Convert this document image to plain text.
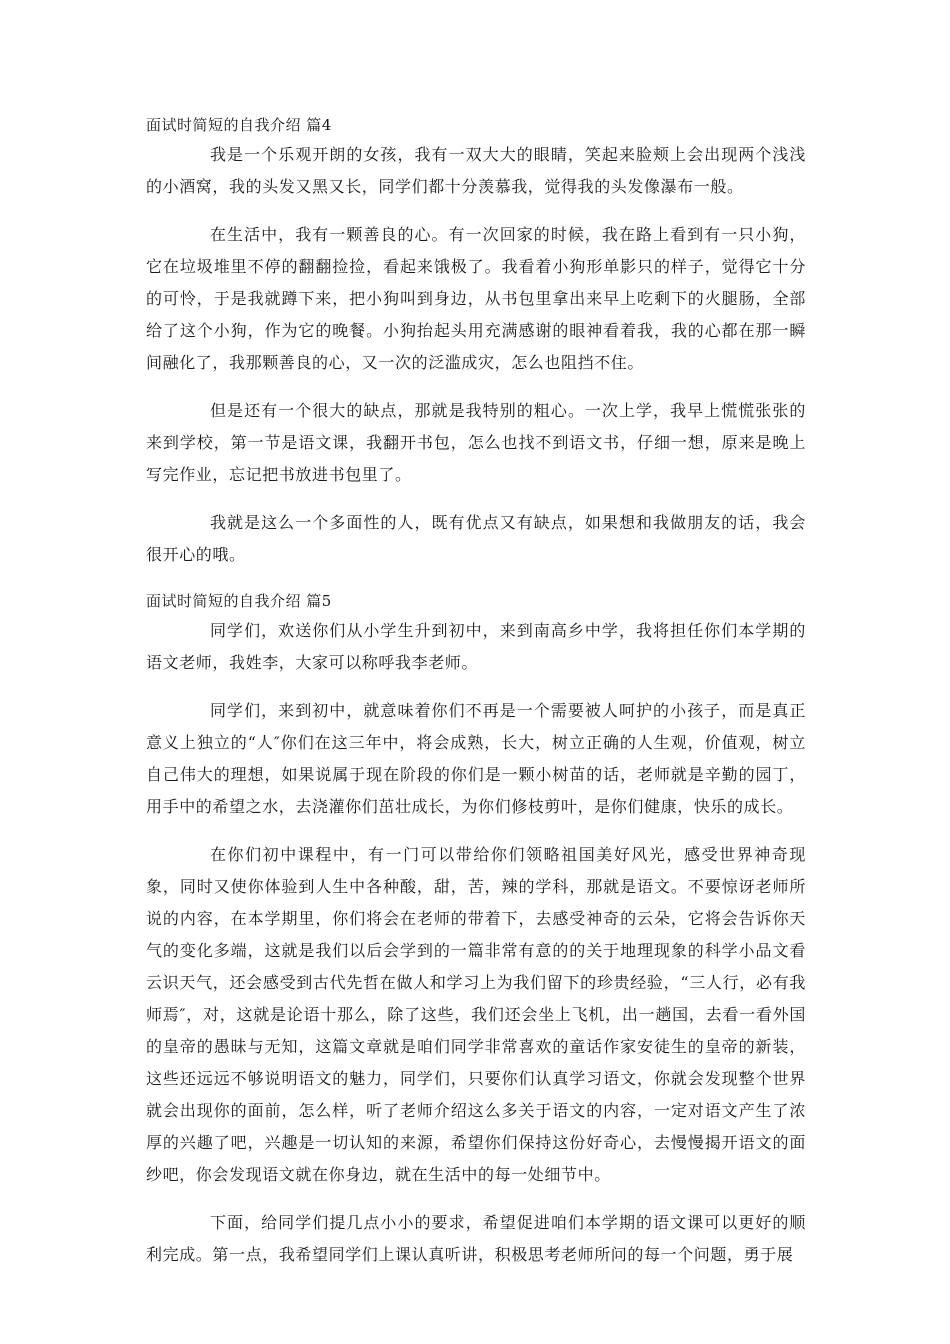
面试时简短的自我介绍 篇4

我是一个乐观开朗的女孩，我有一双大大的眼睛，笑起来脸颊上会出现两个浅浅的小酒窝，我的头发又黑又长，同学们都十分羡慕我，觉得我的头发像瀑布一般。

在生活中，我有一颗善良的心。有一次回家的时候，我在路上看到有一只小狗，它在垃圾堆里不停的翻翻捡捡，看起来饿极了。我看着小狗形单影只的样子，觉得它十分的可怜，于是我就蹲下来，把小狗叫到身边，从书包里拿出来早上吃剩下的火腿肠，全部给了这个小狗，作为它的晚餐。小狗抬起头用充满感谢的眼神看着我，我的心都在那一瞬间融化了，我那颗善良的心，又一次的泛滥成灾，怎么也阻挡不住。

但是还有一个很大的缺点，那就是我特别的粗心。一次上学，我早上慌慌张张的来到学校，第一节是语文课，我翻开书包，怎么也找不到语文书，仔细一想，原来是晚上写完作业，忘记把书放进书包里了。

我就是这么一个多面性的人，既有优点又有缺点，如果想和我做朋友的话，我会很开心的哦。

面试时简短的自我介绍 篇5

同学们，欢送你们从小学生升到初中，来到南高乡中学，我将担任你们本学期的语文老师，我姓李，大家可以称呼我李老师。

同学们，来到初中，就意味着你们不再是一个需要被人呵护的小孩子，而是真正意义上独立的“人″你们在这三年中，将会成熟，长大，树立正确的人生观，价值观，树立自己伟大的理想，如果说属于现在阶段的你们是一颗小树苗的话，老师就是辛勤的园丁，用手中的希望之水，去浇灌你们茁壮成长，为你们修枝剪叶，是你们健康，快乐的成长。

在你们初中课程中，有一门可以带给你们领略祖国美好风光，感受世界神奇现象，同时又使你体验到人生中各种酸，甜，苦，辣的学科，那就是语文。不要惊讶老师所说的内容，在本学期里，你们将会在老师的带着下，去感受神奇的云朵，它将会告诉你天气的变化多端，这就是我们以后会学到的一篇非常有意的的关于地理现象的科学小品文看云识天气，还会感受到古代先哲在做人和学习上为我们留下的珍贵经验，“三人行，必有我师焉″，对，这就是论语十那么，除了这些，我们还会坐上飞机，出一趟国，去看一看外国的皇帝的愚昧与无知，这篇文章就是咱们同学非常喜欢的童话作家安徒生的皇帝的新装，这些还远远不够说明语文的魅力，同学们，只要你们认真学习语文，你就会发现整个世界就会出现你的面前，怎么样，听了老师介绍这么多关于语文的内容，一定对语文产生了浓厚的兴趣了吧，兴趣是一切认知的来源，希望你们保持这份好奇心，去慢慢揭开语文的面纱吧，你会发现语文就在你身边，就在生活中的每一处细节中。

下面，给同学们提几点小小的要求，希望促进咱们本学期的语文课可以更好的顺利完成。第一点，我希望同学们上课认真听讲，积极思考老师所问的每一个问题，勇于展
